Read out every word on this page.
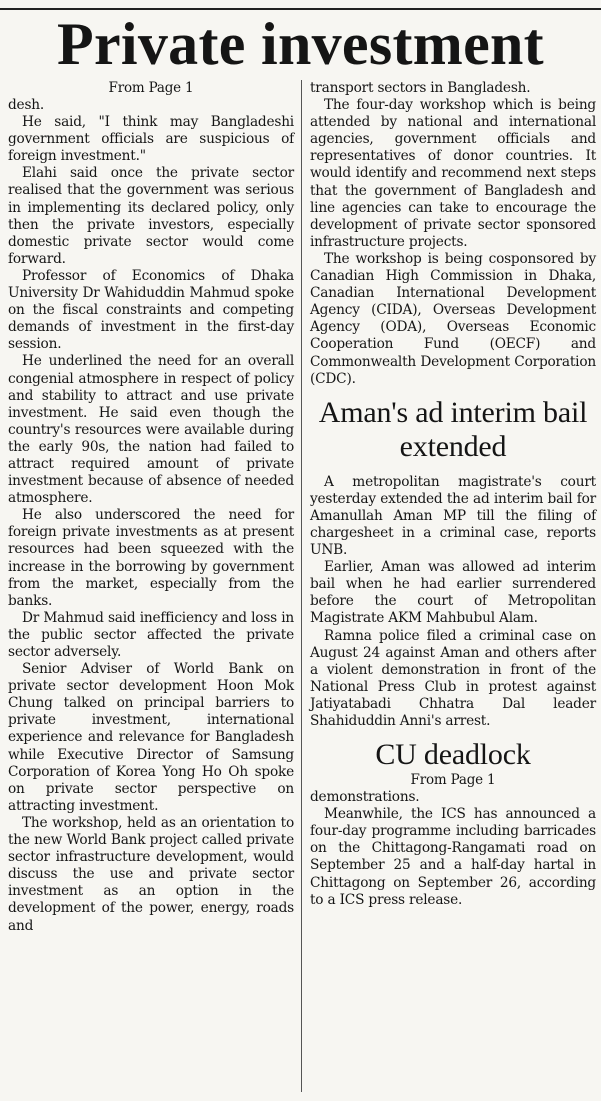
Private investment
From Page 1

desh.

He said, "I think may Bangladeshi government officials are suspicious of foreign investment."

Elahi said once the private sector realised that the government was serious in implementing its declared policy, only then the private investors, especially domestic private sector would come forward.

Professor of Economics of Dhaka University Dr Wahiduddin Mahmud spoke on the fiscal constraints and competing demands of investment in the first-day session.

He underlined the need for an overall congenial atmosphere in respect of policy and stability to attract and use private investment. He said even though the country's resources were available during the early 90s, the nation had failed to attract required amount of private investment because of absence of needed atmosphere.

He also underscored the need for foreign private investments as at present resources had been squeezed with the increase in the borrowing by government from the market, especially from the banks.

Dr Mahmud said inefficiency and loss in the public sector affected the private sector adversely.

Senior Adviser of World Bank on private sector development Hoon Mok Chung talked on principal barriers to private investment, international experience and relevance for Bangladesh while Executive Director of Samsung Corporation of Korea Yong Ho Oh spoke on private sector perspective on attracting investment.

The workshop, held as an orientation to the new World Bank project called private sector infrastructure development, would discuss the use and private sector investment as an option in the development of the power, energy, roads and

transport sectors in Bangladesh.

The four-day workshop which is being attended by national and international agencies, government officials and representatives of donor countries. It would identify and recommend next steps that the government of Bangladesh and line agencies can take to encourage the development of private sector sponsored infrastructure projects.

The workshop is being cosponsored by Canadian High Commission in Dhaka, Canadian International Development Agency (CIDA), Overseas Development Agency (ODA), Overseas Economic Cooperation Fund (OECF) and Commonwealth Development Corporation (CDC).

Aman's ad interim bail extended

A metropolitan magistrate's court yesterday extended the ad interim bail for Amanullah Aman MP till the filing of chargesheet in a criminal case, reports UNB.

Earlier, Aman was allowed ad interim bail when he had earlier surrendered before the court of Metropolitan Magistrate AKM Mahbubul Alam.

Ramna police filed a criminal case on August 24 against Aman and others after a violent demonstration in front of the National Press Club in protest against Jatiyatabadi Chhatra Dal leader Shahiduddin Anni's arrest.

CU deadlock
From Page 1

demonstrations.

Meanwhile, the ICS has announced a four-day programme including barricades on the Chittagong-Rangamati road on September 25 and a half-day hartal in Chittagong on September 26, according to a ICS press release.
